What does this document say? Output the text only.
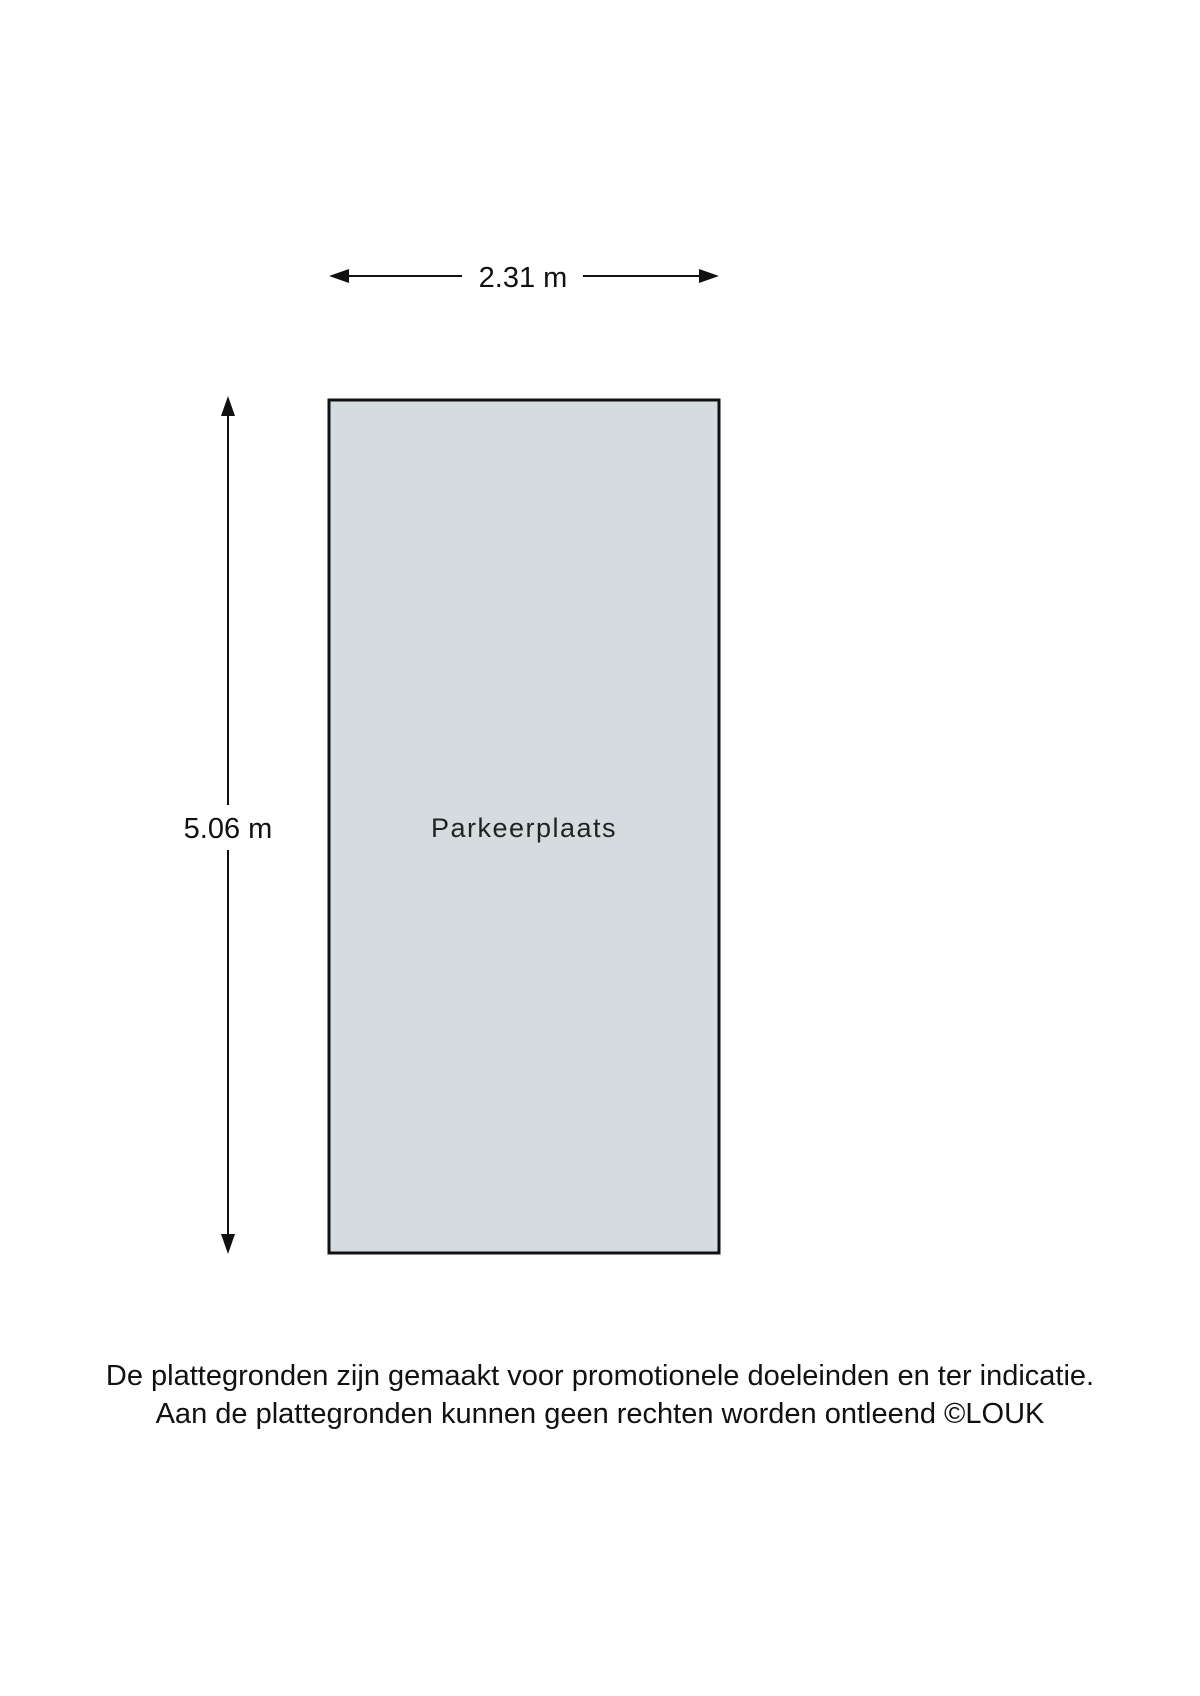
2.31 m
5.06 m	Parkeerplaats
De plattegronden zijn gemaakt voor promotionele doeleinden en ter indicatie.
Aan de plattegronden kunnen geen rechten worden ontleend ©LOUK
